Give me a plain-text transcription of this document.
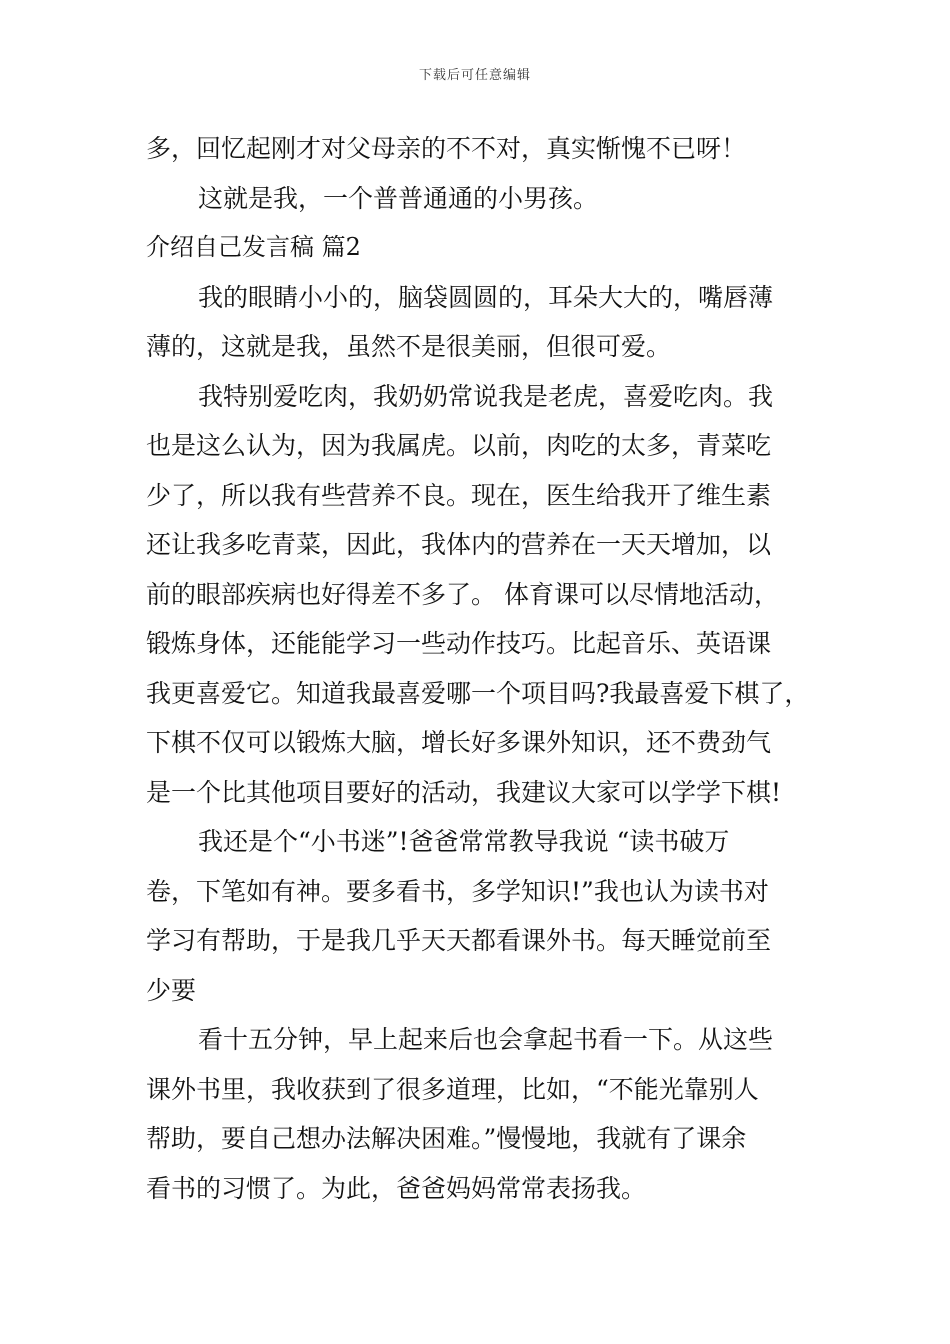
下载后可任意编辑
多，回忆起刚才对父母亲的不不对，真实惭愧不已呀！
这就是我，一个普普通通的小男孩。
介绍自己发言稿 篇2
我的眼睛小小的，脑袋圆圆的，耳朵大大的，嘴唇薄
薄的，这就是我，虽然不是很美丽，但很可爱。
我特别爱吃肉，我奶奶常说我是老虎，喜爱吃肉。我
也是这么认为，因为我属虎。以前，肉吃的太多，青菜吃
少了，所以我有些营养不良。现在，医生给我开了维生素
还让我多吃青菜，因此，我体内的营养在一天天增加，以
前的眼部疾病也好得差不多了。 体育课可以尽情地活动，
锻炼身体，还能能学习一些动作技巧。比起音乐、英语课
我更喜爱它。知道我最喜爱哪一个项目吗?我最喜爱下棋了，
下棋不仅可以锻炼大脑，增长好多课外知识，还不费劲气
是一个比其他项目要好的活动，我建议大家可以学学下棋!
我还是个“小书迷”!爸爸常常教导我说 “读书破万
卷，下笔如有神。要多看书，多学知识!”我也认为读书对
学习有帮助，于是我几乎天天都看课外书。每天睡觉前至
少要
看十五分钟，早上起来后也会拿起书看一下。从这些
课外书里，我收获到了很多道理，比如，“不能光靠别人
帮助，要自己想办法解决困难。”慢慢地，我就有了课余
看书的习惯了。为此，爸爸妈妈常常表扬我。
